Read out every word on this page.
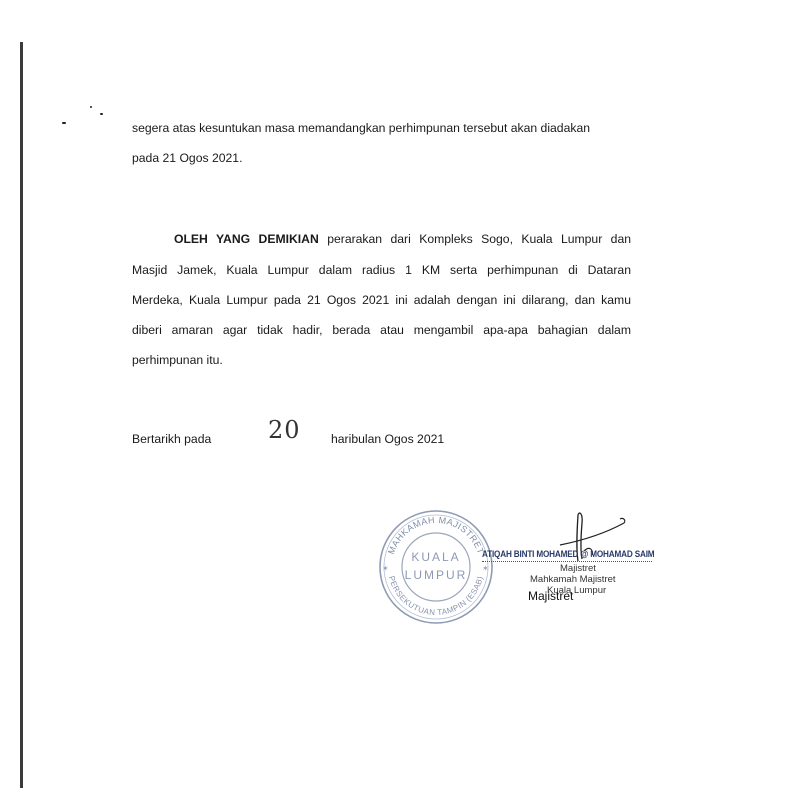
segera atas kesuntukan masa memandangkan perhimpunan tersebut akan diadakan
pada 21 Ogos 2021.
OLEH YANG DEMIKIAN perarakan dari Kompleks Sogo, Kuala Lumpur dan
Masjid Jamek, Kuala Lumpur dalam radius 1 KM serta perhimpunan di Dataran
Merdeka, Kuala Lumpur pada 21 Ogos 2021 ini adalah dengan ini dilarang, dan kamu
diberi amaran agar tidak hadir, berada atau mengambil apa-apa bahagian dalam
perhimpunan itu.
Bertarikh pada 20 haribulan Ogos 2021
MAHKAMAH MAJISTRET
PERSEKUTUAN TAMPIN (ESAB)
KUALA
LUMPUR
✶	✶
ATIQAH BINTI MOHAMED @ MOHAMAD SAIM
Majistret
Mahkamah Majistret
Kuala Lumpur
Majistret
